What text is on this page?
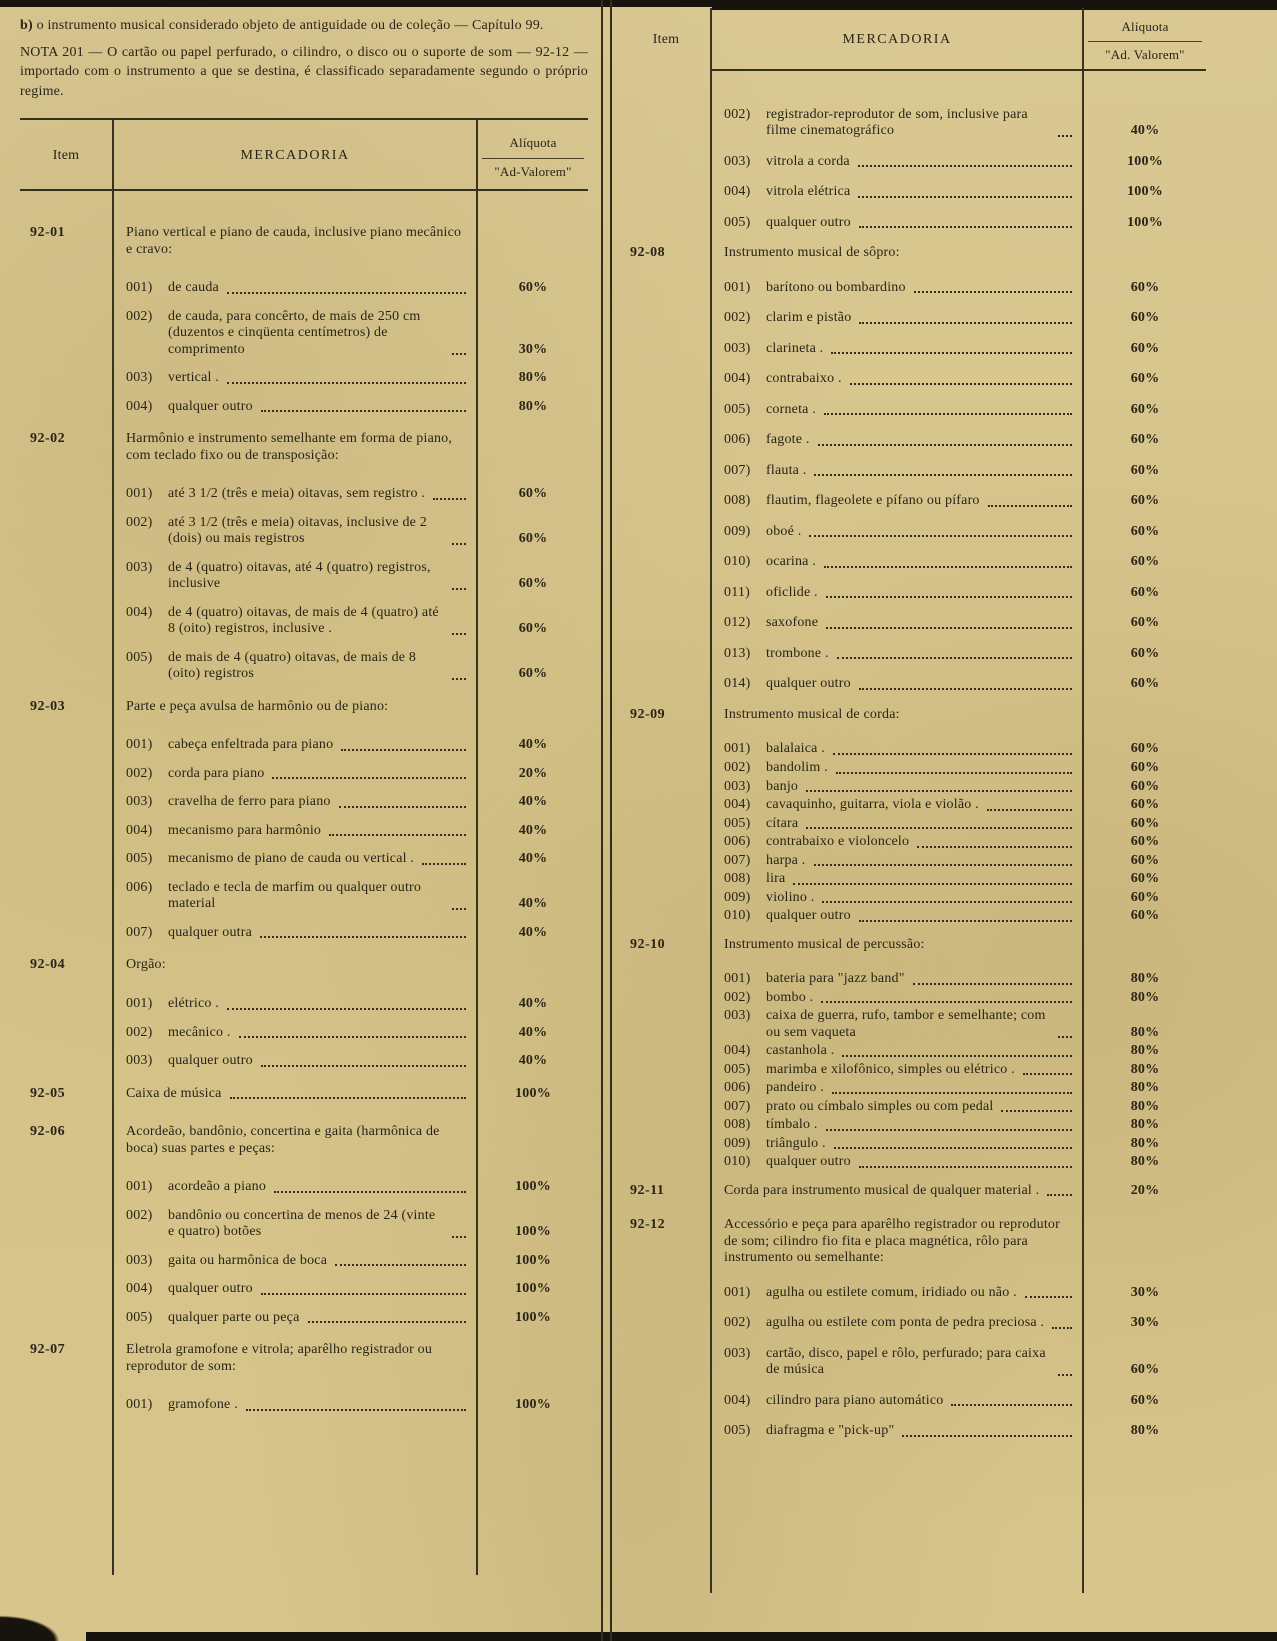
b) o instrumento musical considerado objeto de antiguidade ou de coleção — Capítulo 99.

NOTA 201 — O cartão ou papel perfurado, o cilindro, o disco ou o suporte de som — 92-12 — importado com o instrumento a que se destina, é classificado separadamente segundo o próprio regime.

Item	MERCADORIA
Alíquota
"Ad-Valorem"
92-01	Piano vertical e piano de cauda, inclusive piano mecânico e cravo:
001)	de cauda	60%
002)	de cauda, para concêrto, de mais de 250 cm (duzentos e cinqüenta centímetros) de comprimento	30%
003)	vertical .	80%
004)	qualquer outro	80%
92-02	Harmônio e instrumento semelhante em forma de piano, com teclado fixo ou de transposição:
001)	até 3 1/2 (três e meia) oitavas, sem registro .	60%
002)	até 3 1/2 (três e meia) oitavas, inclusive de 2 (dois) ou mais registros	60%
003)	de 4 (quatro) oitavas, até 4 (quatro) registros, inclusive	60%
004)	de 4 (quatro) oitavas, de mais de 4 (quatro) até 8 (oito) registros, inclusive .	60%
005)	de mais de 4 (quatro) oitavas, de mais de 8 (oito) registros	60%
92-03	Parte e peça avulsa de harmônio ou de piano:
001)	cabeça enfeltrada para piano	40%
002)	corda para piano	20%
003)	cravelha de ferro para piano	40%
004)	mecanismo para harmônio	40%
005)	mecanismo de piano de cauda ou vertical .	40%
006)	teclado e tecla de marfim ou qualquer outro material	40%
007)	qualquer outra	40%
92-04	Orgão:
001)	elétrico .	40%
002)	mecânico .	40%
003)	qualquer outro	40%
92-05	Caixa de música	100%
92-06	Acordeão, bandônio, concertina e gaita (harmônica de boca) suas partes e peças:
001)	acordeão a piano	100%
002)	bandônio ou concertina de menos de 24 (vinte e quatro) botões	100%
003)	gaita ou harmônica de boca	100%
004)	qualquer outro	100%
005)	qualquer parte ou peça	100%
92-07	Eletrola gramofone e vitrola; aparêlho registrador ou reprodutor de som:
001)	gramofone .	100%
Item	MERCADORIA
Alíquota
"Ad. Valorem"
002)	registrador-reprodutor de som, inclusive para filme cinematográfico	40%
003)	vitrola a corda	100%
004)	vitrola elétrica	100%
005)	qualquer outro	100%
92-08	Instrumento musical de sôpro:
001)	barítono ou bombardino	60%
002)	clarim e pistão	60%
003)	clarineta .	60%
004)	contrabaixo .	60%
005)	corneta .	60%
006)	fagote .	60%
007)	flauta .	60%
008)	flautim, flageolete e pífano ou pífaro	60%
009)	oboé .	60%
010)	ocarina .	60%
011)	oficlide .	60%
012)	saxofone	60%
013)	trombone .	60%
014)	qualquer outro	60%
92-09	Instrumento musical de corda:
001)	balalaica .	60%
002)	bandolim .	60%
003)	banjo	60%
004)	cavaquinho, guitarra, viola e violão .	60%
005)	cítara	60%
006)	contrabaixo e violoncelo	60%
007)	harpa .	60%
008)	lira	60%
009)	violino .	60%
010)	qualquer outro	60%
92-10	Instrumento musical de percussão:
001)	bateria para "jazz band"	80%
002)	bombo .	80%
003)	caixa de guerra, rufo, tambor e semelhante; com ou sem vaqueta	80%
004)	castanhola .	80%
005)	marimba e xilofônico, simples ou elétrico .	80%
006)	pandeiro .	80%
007)	prato ou címbalo simples ou com pedal	80%
008)	tímbalo .	80%
009)	triângulo .	80%
010)	qualquer outro	80%
92-11	Corda para instrumento musical de qualquer material .	20%
92-12	Accessório e peça para aparêlho registrador ou reprodutor de som; cilindro fio fita e placa magnética, rôlo para instrumento ou semelhante:
001)	agulha ou estilete comum, iridiado ou não .	30%
002)	agulha ou estilete com ponta de pedra preciosa .	30%
003)	cartão, disco, papel e rôlo, perfurado; para caixa de música	60%
004)	cilindro para piano automático	60%
005)	diafragma e "pick-up"	80%
